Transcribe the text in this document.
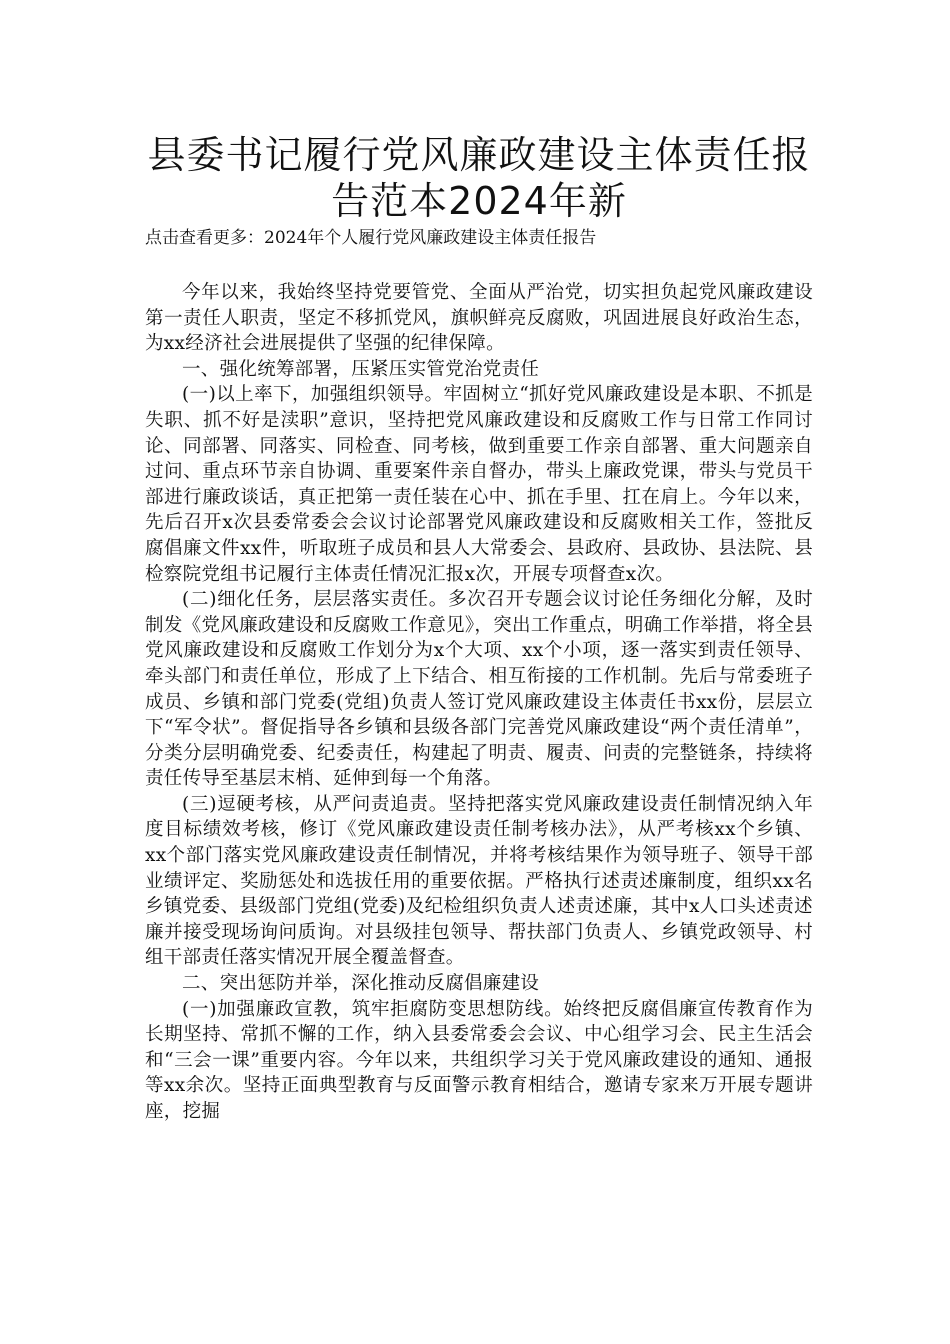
县委书记履行党风廉政建设主体责任报
告范本2024年新
点击查看更多：2024年个人履行党风廉政建设主体责任报告

今年以来，我始终坚持党要管党、全面从严治党，切实担负起党风廉政建设第一责任人职责，坚定不移抓党风，旗帜鲜亮反腐败，巩固进展良好政治生态，为xx经济社会进展提供了坚强的纪律保障。

一、强化统筹部署，压紧压实管党治党责任

(一)以上率下，加强组织领导。牢固树立“抓好党风廉政建设是本职、不抓是失职、抓不好是渎职”意识，坚持把党风廉政建设和反腐败工作与日常工作同讨论、同部署、同落实、同检查、同考核，做到重要工作亲自部署、重大问题亲自过问、重点环节亲自协调、重要案件亲自督办，带头上廉政党课，带头与党员干部进行廉政谈话，真正把第一责任装在心中、抓在手里、扛在肩上。今年以来，先后召开x次县委常委会会议讨论部署党风廉政建设和反腐败相关工作，签批反腐倡廉文件xx件，听取班子成员和县人大常委会、县政府、县政协、县法院、县检察院党组书记履行主体责任情况汇报x次，开展专项督查x次。

(二)细化任务，层层落实责任。多次召开专题会议讨论任务细化分解，及时制发《党风廉政建设和反腐败工作意见》，突出工作重点，明确工作举措，将全县党风廉政建设和反腐败工作划分为x个大项、xx个小项，逐一落实到责任领导、牵头部门和责任单位，形成了上下结合、相互衔接的工作机制。先后与常委班子成员、乡镇和部门党委(党组)负责人签订党风廉政建设主体责任书xx份，层层立下“军令状”。督促指导各乡镇和县级各部门完善党风廉政建设“两个责任清单”，分类分层明确党委、纪委责任，构建起了明责、履责、问责的完整链条，持续将责任传导至基层末梢、延伸到每一个角落。

(三)逗硬考核，从严问责追责。坚持把落实党风廉政建设责任制情况纳入年度目标绩效考核，修订《党风廉政建设责任制考核办法》，从严考核xx个乡镇、xx个部门落实党风廉政建设责任制情况，并将考核结果作为领导班子、领导干部业绩评定、奖励惩处和选拔任用的重要依据。严格执行述责述廉制度，组织xx名乡镇党委、县级部门党组(党委)及纪检组织负责人述责述廉，其中x人口头述责述廉并接受现场询问质询。对县级挂包领导、帮扶部门负责人、乡镇党政领导、村组干部责任落实情况开展全覆盖督查。

二、突出惩防并举，深化推动反腐倡廉建设

(一)加强廉政宣教，筑牢拒腐防变思想防线。始终把反腐倡廉宣传教育作为长期坚持、常抓不懈的工作，纳入县委常委会会议、中心组学习会、民主生活会和“三会一课”重要内容。今年以来，共组织学习关于党风廉政建设的通知、通报等xx余次。坚持正面典型教育与反面警示教育相结合，邀请专家来万开展专题讲座，挖掘
